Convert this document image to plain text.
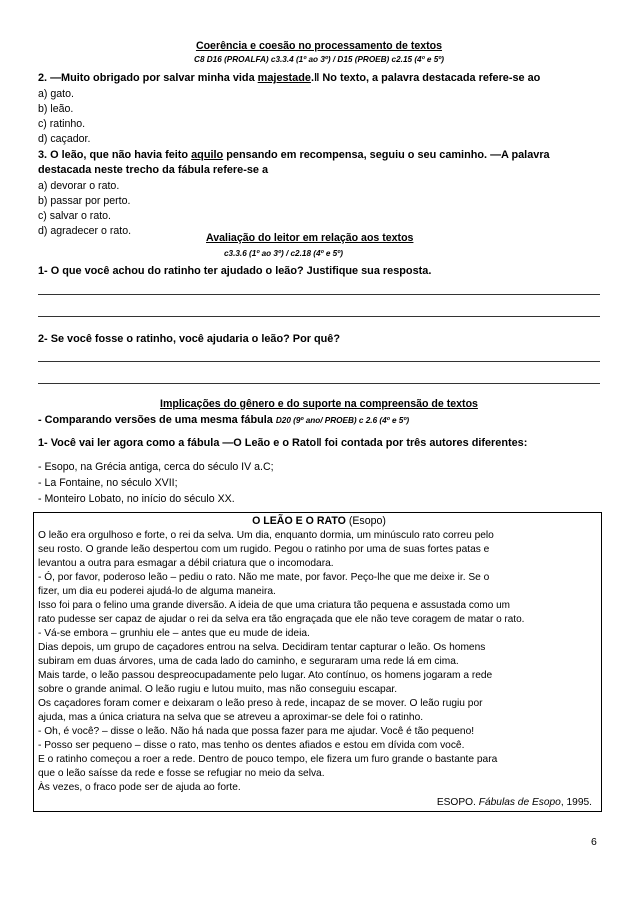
Coerência e coesão no processamento de textos
C8 D16 (PROALFA) c3.3.4 (1º ao 3º) / D15 (PROEB) c2.15 (4º e 5º)
2. —Muito obrigado por salvar minha vida majestade.‖ No texto, a palavra destacada refere-se ao
a) gato.
b) leão.
c) ratinho.
d) caçador.
3. O leão, que não havia feito aquilo pensando em recompensa, seguiu o seu caminho. —A palavra
destacada neste trecho da fábula refere-se a
a) devorar o rato.
b) passar por perto.
c) salvar o rato.
d) agradecer o rato.
Avaliação do leitor em relação aos textos
c3.3.6 (1º ao 3º) / c2.18 (4º e 5º)
1- O que você achou do ratinho ter ajudado o leão? Justifique sua resposta.
2- Se você fosse o ratinho, você ajudaria o leão? Por quê?
Implicações do gênero e do suporte na compreensão de textos
- Comparando versões de uma mesma fábula D20 (9º ano/ PROEB) c 2.6 (4º e 5º)
1- Você vai ler agora como a fábula —O Leão e o Rato‖ foi contada por três autores diferentes:
- Esopo, na Grécia antiga, cerca do século IV a.C;
- La Fontaine, no século XVII;
- Monteiro Lobato, no início do século XX.
O LEÃO E O RATO (Esopo)
O leão era orgulhoso e forte, o rei da selva. Um dia, enquanto dormia, um minúsculo rato correu pelo
seu rosto. O grande leão despertou com um rugido. Pegou o ratinho por uma de suas fortes patas e
levantou a outra para esmagar a débil criatura que o incomodara.
- Ó, por favor, poderoso leão – pediu o rato. Não me mate, por favor. Peço-lhe que me deixe ir. Se o
fizer, um dia eu poderei ajudá-lo de alguma maneira.
Isso foi para o felino uma grande diversão. A ideia de que uma criatura tão pequena e assustada como um
rato pudesse ser capaz de ajudar o rei da selva era tão engraçada que ele não teve coragem de matar o rato.
- Vá-se embora – grunhiu ele – antes que eu mude de ideia.
Dias depois, um grupo de caçadores entrou na selva. Decidiram tentar capturar o leão. Os homens
subiram em duas árvores, uma de cada lado do caminho, e seguraram uma rede lá em cima.
Mais tarde, o leão passou despreocupadamente pelo lugar. Ato contínuo, os homens jogaram a rede
sobre o grande animal. O leão rugiu e lutou muito, mas não conseguiu escapar.
Os caçadores foram comer e deixaram o leão preso à rede, incapaz de se mover. O leão rugiu por
ajuda, mas a única criatura na selva que se atreveu a aproximar-se dele foi o ratinho.
- Oh, é você? – disse o leão. Não há nada que possa fazer para me ajudar. Você é tão pequeno!
- Posso ser pequeno – disse o rato, mas tenho os dentes afiados e estou em dívida com você.
E o ratinho começou a roer a rede. Dentro de pouco tempo, ele fizera um furo grande o bastante para
que o leão saísse da rede e fosse se refugiar no meio da selva.
Às vezes, o fraco pode ser de ajuda ao forte.
ESOPO. Fábulas de Esopo, 1995.
6
